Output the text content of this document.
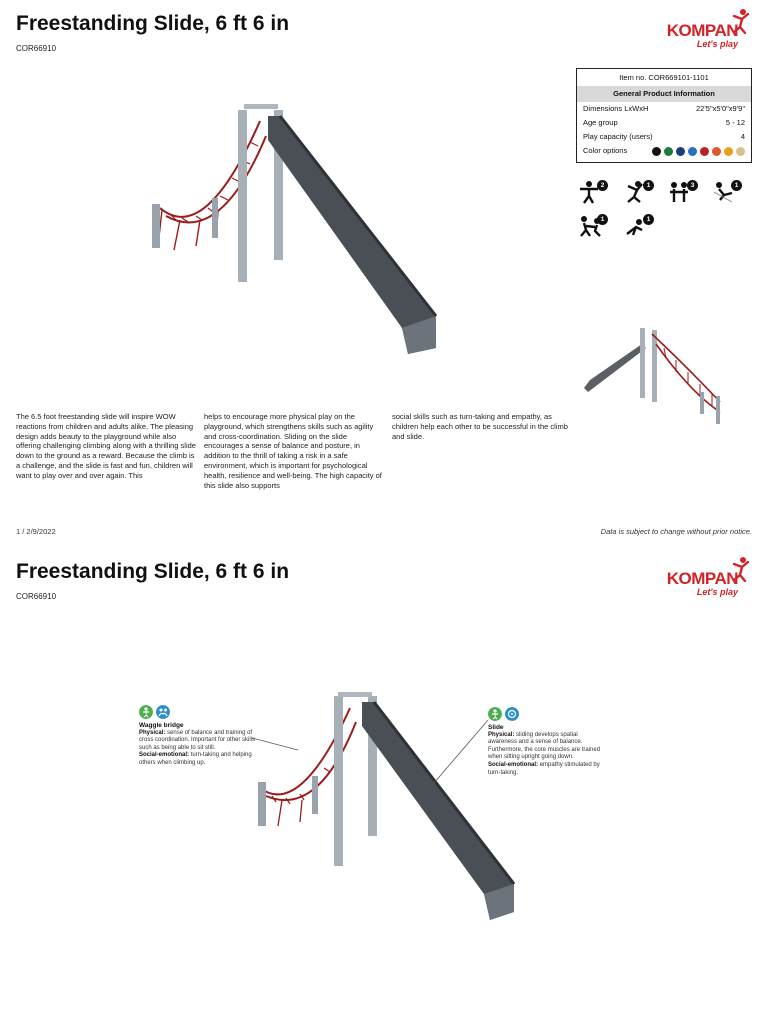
Freestanding Slide, 6 ft 6 in
COR66910
KOMPAN
Let's play
Item no. COR669101-1101
General Product Information
Dimensions LxWxH	22'5"x5'0"x9'9"
Age group	5 - 12
Play capacity (users)	4
Color options
2	1	3	1
1	1
The 6.5 foot freestanding slide will inspire WOW reactions from children and adults alike. The pleasing design adds beauty to the playground while also offering challenging climbing along with a thrilling slide down to the ground as a reward. Because the climb is a challenge, and the slide is fast and fun, children will want to play over and over again. This
helps to encourage more physical play on the playground, which strengthens skills such as agility and cross-coordination. Sliding on the slide encourages a sense of balance and posture, in addition to the thrill of taking a risk in a safe environment, which is important for psychological health, resilience and well-being. The high capacity of this slide also supports
social skills such as turn-taking and empathy, as children help each other to be successful in the climb and slide.
1 / 2/9/2022	Data is subject to change without prior notice.
Freestanding Slide, 6 ft 6 in
COR66910
KOMPAN
Let's play
Waggle bridge
Physical: sense of balance and training of cross coordination. Important for other skills such as being able to sit still.
Social-emotional: turn-taking and helping others when climbing up.
Slide
Physical: sliding develops spatial awareness and a sense of balance. Furthermore, the core muscles are trained when sitting upright going down.
Social-emotional: empathy stimulated by turn-taking.
